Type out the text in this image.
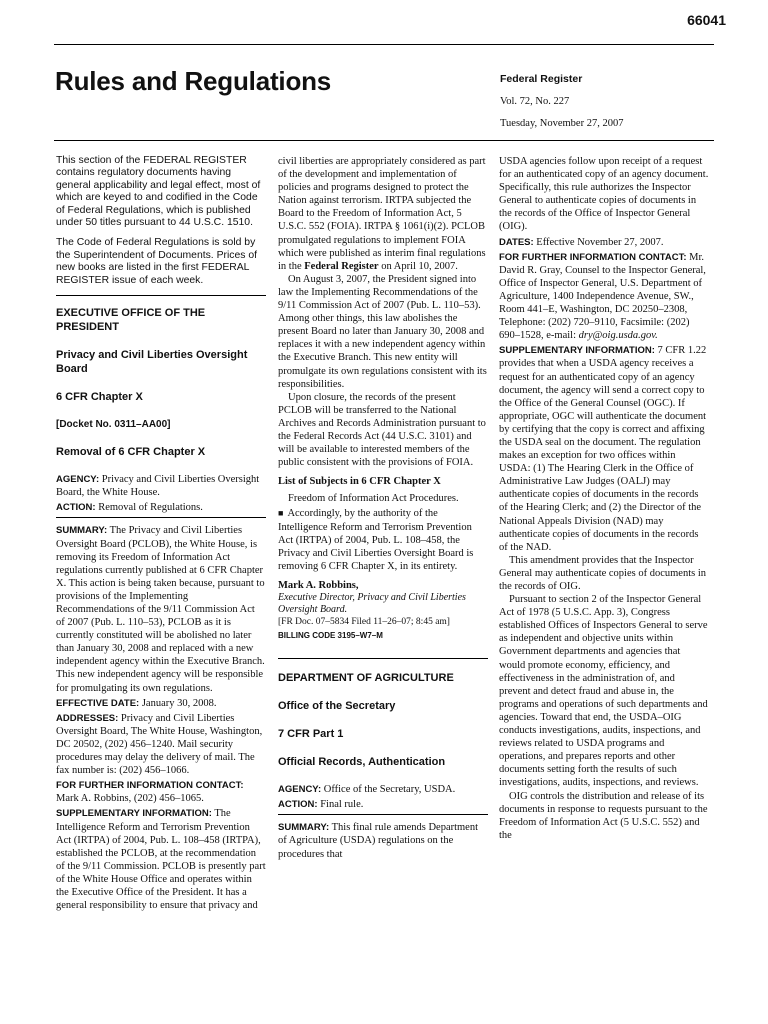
66041
Rules and Regulations	Federal Register
Vol. 72, No. 227
Tuesday, November 27, 2007

This section of the FEDERAL REGISTER contains regulatory documents having general applicability and legal effect, most of which are keyed to and codified in the Code of Federal Regulations, which is published under 50 titles pursuant to 44 U.S.C. 1510.

The Code of Federal Regulations is sold by the Superintendent of Documents. Prices of new books are listed in the first FEDERAL REGISTER issue of each week.

EXECUTIVE OFFICE OF THE PRESIDENT

Privacy and Civil Liberties Oversight Board

6 CFR Chapter X

[Docket No. 0311–AA00]

Removal of 6 CFR Chapter X

AGENCY: Privacy and Civil Liberties Oversight Board, the White House.

ACTION: Removal of Regulations.

SUMMARY: The Privacy and Civil Liberties Oversight Board (PCLOB), the White House, is removing its Freedom of Information Act regulations currently published at 6 CFR Chapter X. This action is being taken because, pursuant to provisions of the Implementing Recommendations of the 9/11 Commission Act of 2007 (Pub. L. 110–53), PCLOB as it is currently constituted will be abolished no later than January 30, 2008 and replaced with a new independent agency within the Executive Branch. This new independent agency will be responsible for promulgating its own regulations.

EFFECTIVE DATE: January 30, 2008.

ADDRESSES: Privacy and Civil Liberties Oversight Board, The White House, Washington, DC 20502, (202) 456–1240. Mail security procedures may delay the delivery of mail. The fax number is: (202) 456–1066.

FOR FURTHER INFORMATION CONTACT:
Mark A. Robbins, (202) 456–1065.

SUPPLEMENTARY INFORMATION: The Intelligence Reform and Terrorism Prevention Act (IRTPA) of 2004, Pub. L. 108–458 (IRTPA), established the PCLOB, at the recommendation of the 9/11 Commission. PCLOB is presently part of the White House Office and operates within the Executive Office of the President. It has a general responsibility to ensure that privacy and

civil liberties are appropriately considered as part of the development and implementation of policies and programs designed to protect the Nation against terrorism. IRTPA subjected the Board to the Freedom of Information Act, 5 U.S.C. 552 (FOIA). IRTPA § 1061(i)(2). PCLOB promulgated regulations to implement FOIA which were published as interim final regulations in the Federal Register on April 10, 2007.

On August 3, 2007, the President signed into law the Implementing Recommendations of the 9/11 Commission Act of 2007 (Pub. L. 110–53). Among other things, this law abolishes the present Board no later than January 30, 2008 and replaces it with a new independent agency within the Executive Branch. This new entity will promulgate its own regulations consistent with its responsibilities.

Upon closure, the records of the present PCLOB will be transferred to the National Archives and Records Administration pursuant to the Federal Records Act (44 U.S.C. 3101) and will be available to interested members of the public consistent with the provisions of FOIA.

List of Subjects in 6 CFR Chapter X

Freedom of Information Act Procedures.

■ Accordingly, by the authority of the Intelligence Reform and Terrorism Prevention Act (IRTPA) of 2004, Pub. L. 108–458, the Privacy and Civil Liberties Oversight Board is removing 6 CFR Chapter X, in its entirety.

Mark A. Robbins,

Executive Director, Privacy and Civil Liberties Oversight Board.

[FR Doc. 07–5834 Filed 11–26–07; 8:45 am]

BILLING CODE 3195–W7–M

DEPARTMENT OF AGRICULTURE

Office of the Secretary

7 CFR Part 1

Official Records, Authentication

AGENCY: Office of the Secretary, USDA.

ACTION: Final rule.

SUMMARY: This final rule amends Department of Agriculture (USDA) regulations on the procedures that

USDA agencies follow upon receipt of a request for an authenticated copy of an agency document. Specifically, this rule authorizes the Inspector General to authenticate copies of documents in the records of the Office of Inspector General (OIG).

DATES: Effective November 27, 2007.

FOR FURTHER INFORMATION CONTACT: Mr. David R. Gray, Counsel to the Inspector General, Office of Inspector General, U.S. Department of Agriculture, 1400 Independence Avenue, SW., Room 441–E, Washington, DC 20250–2308, Telephone: (202) 720–9110, Facsimile: (202) 690–1528, e-mail: dry@oig.usda.gov.

SUPPLEMENTARY INFORMATION: 7 CFR 1.22 provides that when a USDA agency receives a request for an authenticated copy of an agency document, the agency will send a correct copy to the Office of the General Counsel (OGC). If appropriate, OGC will authenticate the document by certifying that the copy is correct and affixing the USDA seal on the document. The regulation makes an exception for two offices within USDA: (1) The Hearing Clerk in the Office of Administrative Law Judges (OALJ) may authenticate copies of documents in the records of the Hearing Clerk; and (2) the Director of the National Appeals Division (NAD) may authenticate copies of documents in the records of the NAD.

This amendment provides that the Inspector General may authenticate copies of documents in the records of OIG.

Pursuant to section 2 of the Inspector General Act of 1978 (5 U.S.C. App. 3), Congress established Offices of Inspectors General to serve as independent and objective units within Government departments and agencies that would promote economy, efficiency, and effectiveness in the administration of, and prevent and detect fraud and abuse in, the programs and operations of such departments and agencies. Toward that end, the USDA–OIG conducts investigations, audits, inspections, and reviews related to USDA programs and operations, and prepares reports and other documents setting forth the results of such investigations, audits, inspections, and reviews.

OIG controls the distribution and release of its documents in response to requests pursuant to the Freedom of Information Act (5 U.S.C. 552) and the
